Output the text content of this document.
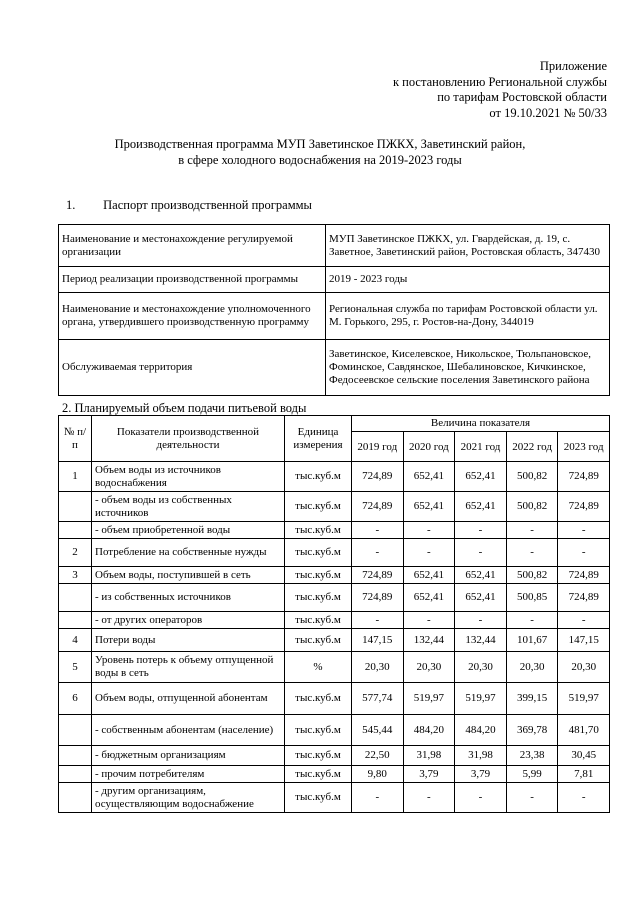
Приложение
к постановлению Региональной службы
по тарифам Ростовской области
от 19.10.2021 № 50/33
Производственная программа МУП Заветинское ПЖКХ, Заветинский район,
в сфере холодного водоснабжения на 2019-2023 годы
1. Паспорт производственной программы
Наименование и местонахождение регулируемой организации	МУП Заветинское ПЖКХ, ул. Гвардейская, д. 19, с. Заветное, Заветинский район, Ростовская область, 347430
Период реализации производственной программы	2019 - 2023 годы
Наименование и местонахождение уполномоченного органа, утвердившего производственную программу	Региональная служба по тарифам Ростовской области ул. М. Горького, 295, г. Ростов-на-Дону, 344019
Обслуживаемая территория	Заветинское, Киселевское, Никольское, Тюльпановское, Фоминское, Савдянское, Шебалиновское, Кичкинское, Федосеевское сельские поселения Заветинского района
2. Планируемый объем подачи питьевой воды
№ п/п	Показатели производственной деятельности	Единица измерения	Величина показателя				
			2019 год	2020 год	2021 год	2022 год	2023 год
1	Объем воды из источников водоснабжения	тыс.куб.м	724,89	652,41	652,41	500,82	724,89
	- объем воды из собственных источников	тыс.куб.м	724,89	652,41	652,41	500,82	724,89
	- объем приобретенной воды	тыс.куб.м	-	-	-	-	-
2	Потребление на собственные нужды	тыс.куб.м	-	-	-	-	-
3	Объем воды, поступившей в сеть	тыс.куб.м	724,89	652,41	652,41	500,82	724,89
	- из собственных источников	тыс.куб.м	724,89	652,41	652,41	500,85	724,89
	- от других операторов	тыс.куб.м	-	-	-	-	-
4	Потери воды	тыс.куб.м	147,15	132,44	132,44	101,67	147,15
5	Уровень потерь к объему отпущенной воды в сеть	%	20,30	20,30	20,30	20,30	20,30
6	Объем воды, отпущенной абонентам	тыс.куб.м	577,74	519,97	519,97	399,15	519,97
	- собственным абонентам (население)	тыс.куб.м	545,44	484,20	484,20	369,78	481,70
	- бюджетным организациям	тыс.куб.м	22,50	31,98	31,98	23,38	30,45
	- прочим потребителям	тыс.куб.м	9,80	3,79	3,79	5,99	7,81
	- другим организациям, осуществляющим водоснабжение	тыс.куб.м	-	-	-	-	-
